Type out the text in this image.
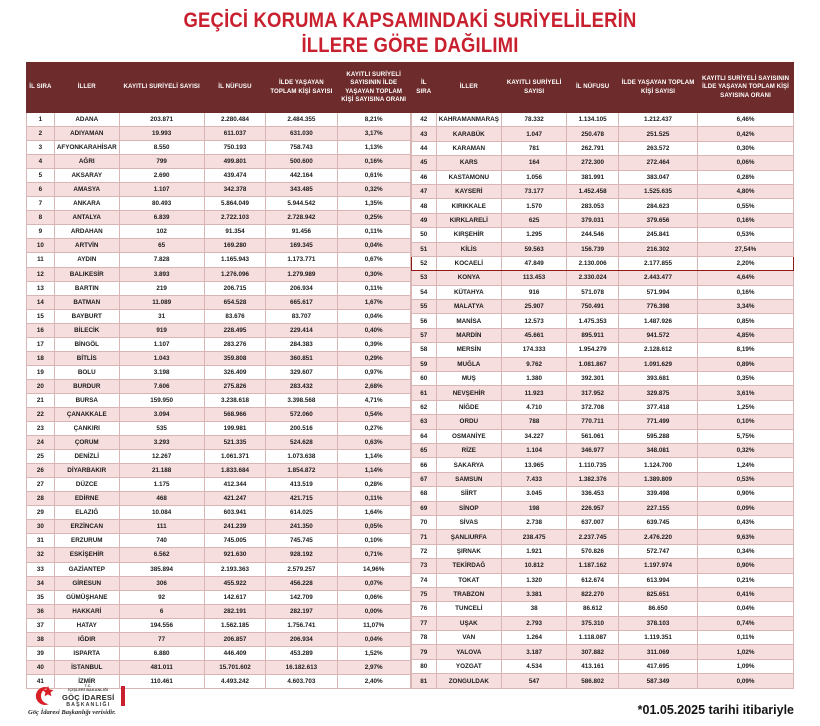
GEÇİCİ KORUMA KAPSAMINDAKİ SURİYELİLERİN
İLLERE GÖRE DAĞILIMI
İL SIRA	İLLER	KAYITLI SURİYELİ SAYISI	İL NÜFUSU	İLDE YAŞAYAN TOPLAM KİŞİ SAYISI	KAYITLI SURİYELİ SAYISININ İLDE YAŞAYAN TOPLAM KİŞİ SAYISINA ORANI
1	ADANA	203.871	2.280.484	2.484.355	8,21%
2	ADIYAMAN	19.993	611.037	631.030	3,17%
3	AFYONKARAHİSAR	8.550	750.193	758.743	1,13%
4	AĞRI	799	499.801	500.600	0,16%
5	AKSARAY	2.690	439.474	442.164	0,61%
6	AMASYA	1.107	342.378	343.485	0,32%
7	ANKARA	80.493	5.864.049	5.944.542	1,35%
8	ANTALYA	6.839	2.722.103	2.728.942	0,25%
9	ARDAHAN	102	91.354	91.456	0,11%
10	ARTVİN	65	169.280	169.345	0,04%
11	AYDIN	7.828	1.165.943	1.173.771	0,67%
12	BALIKESİR	3.893	1.276.096	1.279.989	0,30%
13	BARTIN	219	206.715	206.934	0,11%
14	BATMAN	11.089	654.528	665.617	1,67%
15	BAYBURT	31	83.676	83.707	0,04%
16	BİLECİK	919	228.495	229.414	0,40%
17	BİNGÖL	1.107	283.276	284.383	0,39%
18	BİTLİS	1.043	359.808	360.851	0,29%
19	BOLU	3.198	326.409	329.607	0,97%
20	BURDUR	7.606	275.826	283.432	2,68%
21	BURSA	159.950	3.238.618	3.398.568	4,71%
22	ÇANAKKALE	3.094	568.966	572.060	0,54%
23	ÇANKIRI	535	199.981	200.516	0,27%
24	ÇORUM	3.293	521.335	524.628	0,63%
25	DENİZLİ	12.267	1.061.371	1.073.638	1,14%
26	DİYARBAKIR	21.188	1.833.684	1.854.872	1,14%
27	DÜZCE	1.175	412.344	413.519	0,28%
28	EDİRNE	468	421.247	421.715	0,11%
29	ELAZIĞ	10.084	603.941	614.025	1,64%
30	ERZİNCAN	111	241.239	241.350	0,05%
31	ERZURUM	740	745.005	745.745	0,10%
32	ESKİŞEHİR	6.562	921.630	928.192	0,71%
33	GAZİANTEP	385.894	2.193.363	2.579.257	14,96%
34	GİRESUN	306	455.922	456.228	0,07%
35	GÜMÜŞHANE	92	142.617	142.709	0,06%
36	HAKKARİ	6	282.191	282.197	0,00%
37	HATAY	194.556	1.562.185	1.756.741	11,07%
38	IĞDIR	77	206.857	206.934	0,04%
39	ISPARTA	6.880	446.409	453.289	1,52%
40	İSTANBUL	481.011	15.701.602	16.182.613	2,97%
41	İZMİR	110.461	4.493.242	4.603.703	2,40%
İL SIRA	İLLER	KAYITLI SURİYELİ SAYISI	İL NÜFUSU	İLDE YAŞAYAN TOPLAM KİŞİ SAYISI	KAYITLI SURİYELİ SAYISININ İLDE YAŞAYAN TOPLAM KİŞİ SAYISINA ORANI
42	KAHRAMANMARAŞ	78.332	1.134.105	1.212.437	6,46%
43	KARABÜK	1.047	250.478	251.525	0,42%
44	KARAMAN	781	262.791	263.572	0,30%
45	KARS	164	272.300	272.464	0,06%
46	KASTAMONU	1.056	381.991	383.047	0,28%
47	KAYSERİ	73.177	1.452.458	1.525.635	4,80%
48	KIRIKKALE	1.570	283.053	284.623	0,55%
49	KIRKLARELİ	625	379.031	379.656	0,16%
50	KIRŞEHİR	1.295	244.546	245.841	0,53%
51	KİLİS	59.563	156.739	216.302	27,54%
52	KOCAELİ	47.849	2.130.006	2.177.855	2,20%
53	KONYA	113.453	2.330.024	2.443.477	4,64%
54	KÜTAHYA	916	571.078	571.994	0,16%
55	MALATYA	25.907	750.491	776.398	3,34%
56	MANİSA	12.573	1.475.353	1.487.926	0,85%
57	MARDİN	45.661	895.911	941.572	4,85%
58	MERSİN	174.333	1.954.279	2.128.612	8,19%
59	MUĞLA	9.762	1.081.867	1.091.629	0,89%
60	MUŞ	1.380	392.301	393.681	0,35%
61	NEVŞEHİR	11.923	317.952	329.875	3,61%
62	NİĞDE	4.710	372.708	377.418	1,25%
63	ORDU	788	770.711	771.499	0,10%
64	OSMANİYE	34.227	561.061	595.288	5,75%
65	RİZE	1.104	346.977	348.081	0,32%
66	SAKARYA	13.965	1.110.735	1.124.700	1,24%
67	SAMSUN	7.433	1.382.376	1.389.809	0,53%
68	SİİRT	3.045	336.453	339.498	0,90%
69	SİNOP	198	226.957	227.155	0,09%
70	SİVAS	2.738	637.007	639.745	0,43%
71	ŞANLIURFA	238.475	2.237.745	2.476.220	9,63%
72	ŞIRNAK	1.921	570.826	572.747	0,34%
73	TEKİRDAĞ	10.812	1.187.162	1.197.974	0,90%
74	TOKAT	1.320	612.674	613.994	0,21%
75	TRABZON	3.381	822.270	825.651	0,41%
76	TUNCELİ	38	86.612	86.650	0,04%
77	UŞAK	2.793	375.310	378.103	0,74%
78	VAN	1.264	1.118.087	1.119.351	0,11%
79	YALOVA	3.187	307.882	311.069	1,02%
80	YOZGAT	4.534	413.161	417.695	1,09%
81	ZONGULDAK	547	586.802	587.349	0,09%
T.C.
İÇİŞLERİ BAKANLIĞI
GÖÇ İDARESİ
BAŞKANLIĞI
Göç İdaresi Başkanlığı verisidir.	*01.05.2025 tarihi itibariyle
